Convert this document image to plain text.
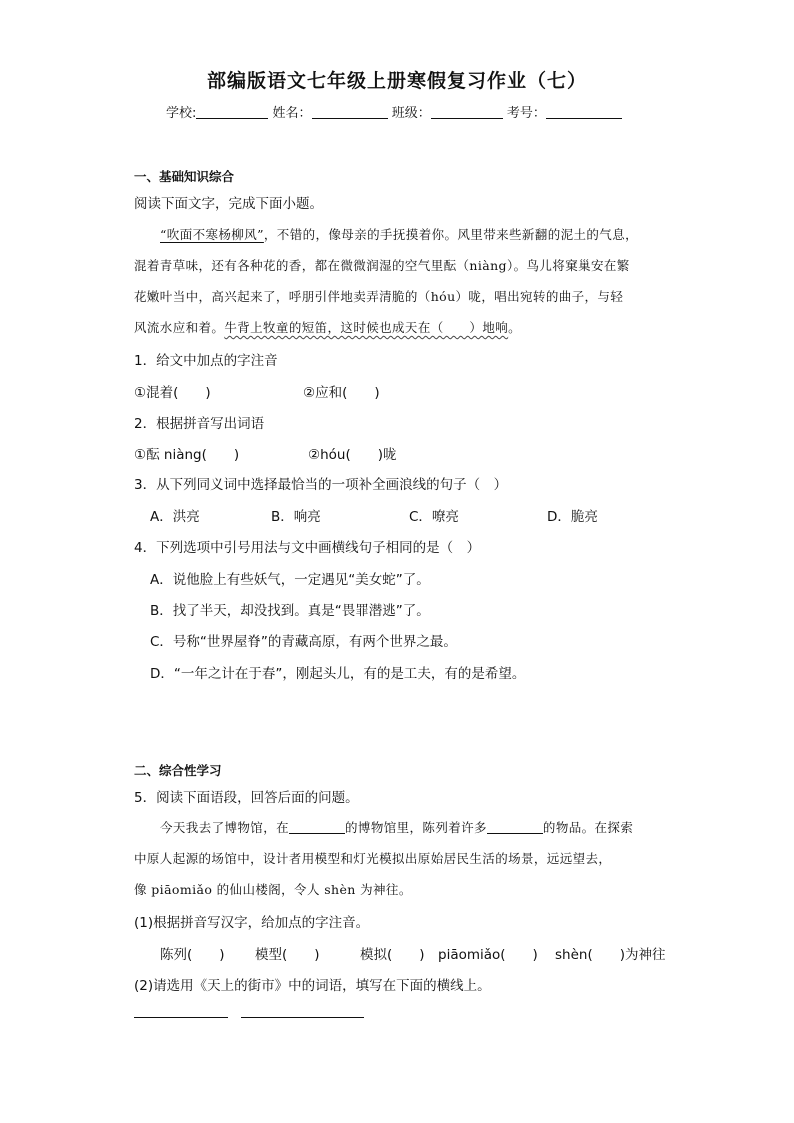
部编版语文七年级上册寒假复习作业（七）
学校:	姓名：	班级：	考号：
一、基础知识综合
阅读下面文字，完成下面小题。
“吹面不寒杨柳风”，不错的，像母亲的手抚摸着你。风里带来些新翻的泥土的气息，
混着青草味，还有各种花的香，都在微微润湿的空气里酝（niàng）。鸟儿将窠巢安在繁
花嫩叶当中，高兴起来了，呼朋引伴地卖弄清脆的（hóu）咙，唱出宛转的曲子，与轻
风流水应和着。牛背上牧童的短笛，这时候也成天在（　　）地响。
1．给文中加点的字注音
①混着(　　)	②应和(　　)
2．根据拼音写出词语
①酝 niàng(　　)	②hóu(　　)咙
3．从下列同义词中选择最恰当的一项补全画浪线的句子（　）
A．洪亮	B．响亮	C．嘹亮	D．脆亮
4．下列选项中引号用法与文中画横线句子相同的是（　）
A．说他脸上有些妖气，一定遇见“美女蛇”了。
B．找了半天，却没找到。真是“畏罪潜逃”了。
C．号称“世界屋脊”的青藏高原，有两个世界之最。
D．“一年之计在于春”，刚起头儿，有的是工夫，有的是希望。
二、综合性学习
5．阅读下面语段，回答后面的问题。
今天我去了博物馆，在	的博物馆里，陈列着许多	的物品。在探索
中原人起源的场馆中，设计者用模型和灯光模拟出原始居民生活的场景，远远望去，
像 piāomiǎo 的仙山楼阁，令人 shèn 为神往。
(1)根据拼音写汉字，给加点的字注音。
陈列(　　) 模型(　　)	模拟(　　) piāomiǎo(　　) shèn(　　)为神往
(2)请选用《天上的街市》中的词语，填写在下面的横线上。
